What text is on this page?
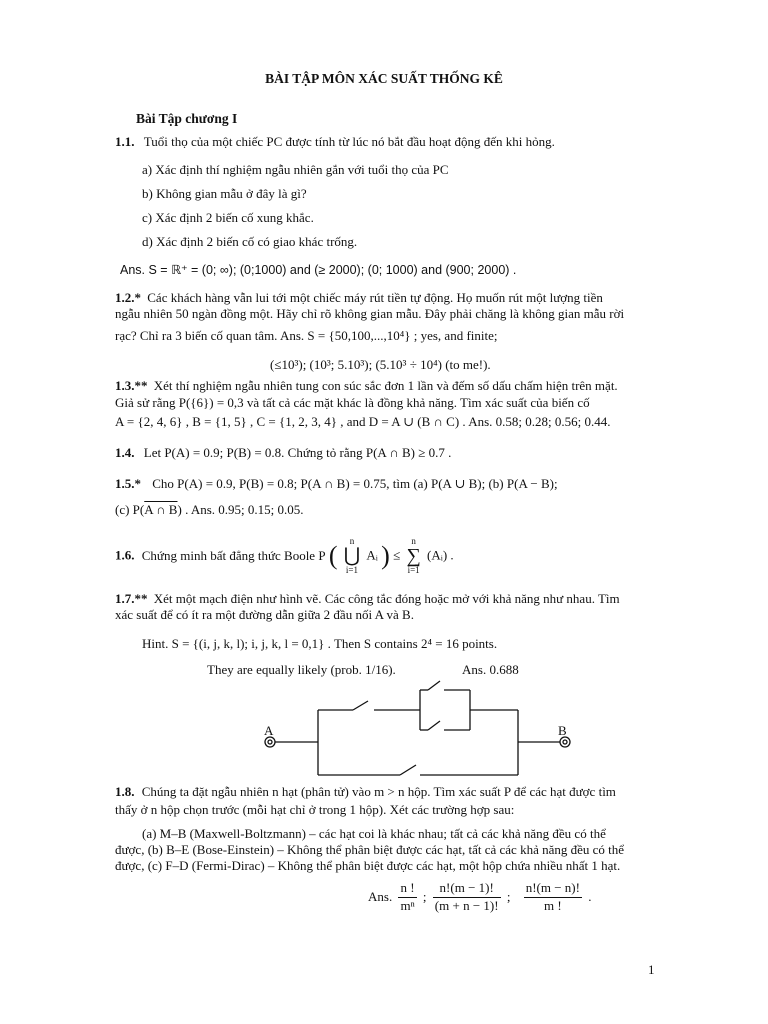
BÀI TẬP MÔN XÁC SUẤT THỐNG KÊ
Bài Tập chương I
1.1. Tuổi thọ của một chiếc PC được tính từ lúc nó bắt đầu hoạt động đến khi hỏng.
a) Xác định thí nghiệm ngẫu nhiên gắn với tuổi thọ của PC
b) Không gian mẫu ở đây là gì?
c) Xác định 2 biến cố xung khắc.
d) Xác định 2 biến cố có giao khác trống.
Ans. S = ℝ⁺ = (0; ∞); (0;1000) and (≥ 2000); (0; 1000) and (900; 2000) .
1.2.* Các khách hàng vẫn lui tới một chiếc máy rút tiền tự động. Họ muốn rút một lượng tiền
ngẫu nhiên 50 ngàn đồng một. Hãy chỉ rõ không gian mẫu. Đây phải chăng là không gian mẫu rời
rạc? Chỉ ra 3 biến cố quan tâm. Ans. S = {50,100,...,10⁴} ; yes, and finite;
(≤10³); (10³; 5.10³); (5.10³ ÷ 10⁴) (to me!).
1.3.** Xét thí nghiệm ngẫu nhiên tung con súc sắc đơn 1 lần và đếm số dấu chấm hiện trên mặt.
Giả sử rằng P({6}) = 0,3 và tất cả các mặt khác là đồng khả năng. Tìm xác suất của biến cố
A = {2, 4, 6} , B = {1, 5} , C = {1, 2, 3, 4} , and D = A ∪ (B ∩ C) . Ans. 0.58; 0.28; 0.56; 0.44.
1.4. Let P(A) = 0.9; P(B) = 0.8. Chứng tỏ rằng P(A ∩ B) ≥ 0.7 .
1.5.* Cho P(A) = 0.9, P(B) = 0.8; P(A ∩ B) = 0.75, tìm (a) P(A ∪ B); (b) P(A − B);
(c) P(A ∩ B) . Ans. 0.95; 0.15; 0.05.
1.6. Chứng minh bất đẳng thức Boole P (
n
⋃
i=1
Aᵢ ) ≤
n
∑
i=1
(Aᵢ) .
1.7.** Xét một mạch điện như hình vẽ. Các công tắc đóng hoặc mở với khả năng như nhau. Tìm
xác suất để có ít ra một đường dẫn giữa 2 đầu nối A và B.
Hint. S = {(i, j, k, l); i, j, k, l = 0,1} . Then S contains 2⁴ = 16 points.
They are equally likely (prob. 1/16).	Ans. 0.688
A	B
1.8. Chúng ta đặt ngẫu nhiên n hạt (phân tử) vào m > n hộp. Tìm xác suất P để các hạt được tìm
thấy ở n hộp chọn trước (mỗi hạt chỉ ở trong 1 hộp). Xét các trường hợp sau:
(a) M–B (Maxwell-Boltzmann) – các hạt coi là khác nhau; tất cả các khả năng đều có thể
được, (b) B–E (Bose-Einstein) – Không thể phân biệt được các hạt, tất cả các khả năng đều có thể
được, (c) F–D (Fermi-Dirac) – Không thể phân biệt được các hạt, một hộp chứa nhiều nhất 1 hạt.
Ans. $\frac{n !}{\text{mⁿ}}$ ; $\frac{n!(m - 1)!}{(m + n - 1)!}$ ; $\frac{n!(m - n)!}{m !}$ .
1
